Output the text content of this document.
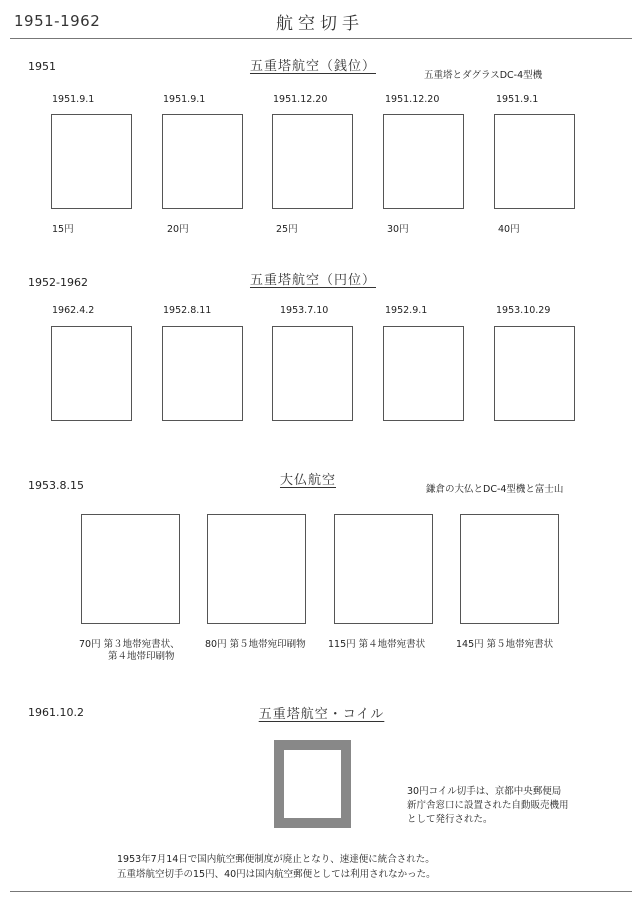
1951-1962	航空切手
1951	五重塔航空（銭位）
五重塔とダグラスDC-4型機
1951.9.1	1951.9.1	1951.12.20	1951.12.20	1951.9.1
15円	20円	25円	30円	40円
1952-1962	五重塔航空（円位）
1962.4.2	1952.8.11	1953.7.10	1952.9.1	1953.10.29
1953.8.15	大仏航空
鎌倉の大仏とDC-4型機と富士山
70円 第３地帯宛書状、
第４地帯印刷物
80円 第５地帯宛印刷物 115円 第４地帯宛書状	145円 第５地帯宛書状
1961.10.2	五重塔航空・コイル
30円コイル切手は、京都中央郵便局
新庁舎窓口に設置された自動販売機用
として発行された。
1953年7月14日で国内航空郵便制度が廃止となり、速達便に統合された。
五重塔航空切手の15円、40円は国内航空郵便としては利用されなかった。
